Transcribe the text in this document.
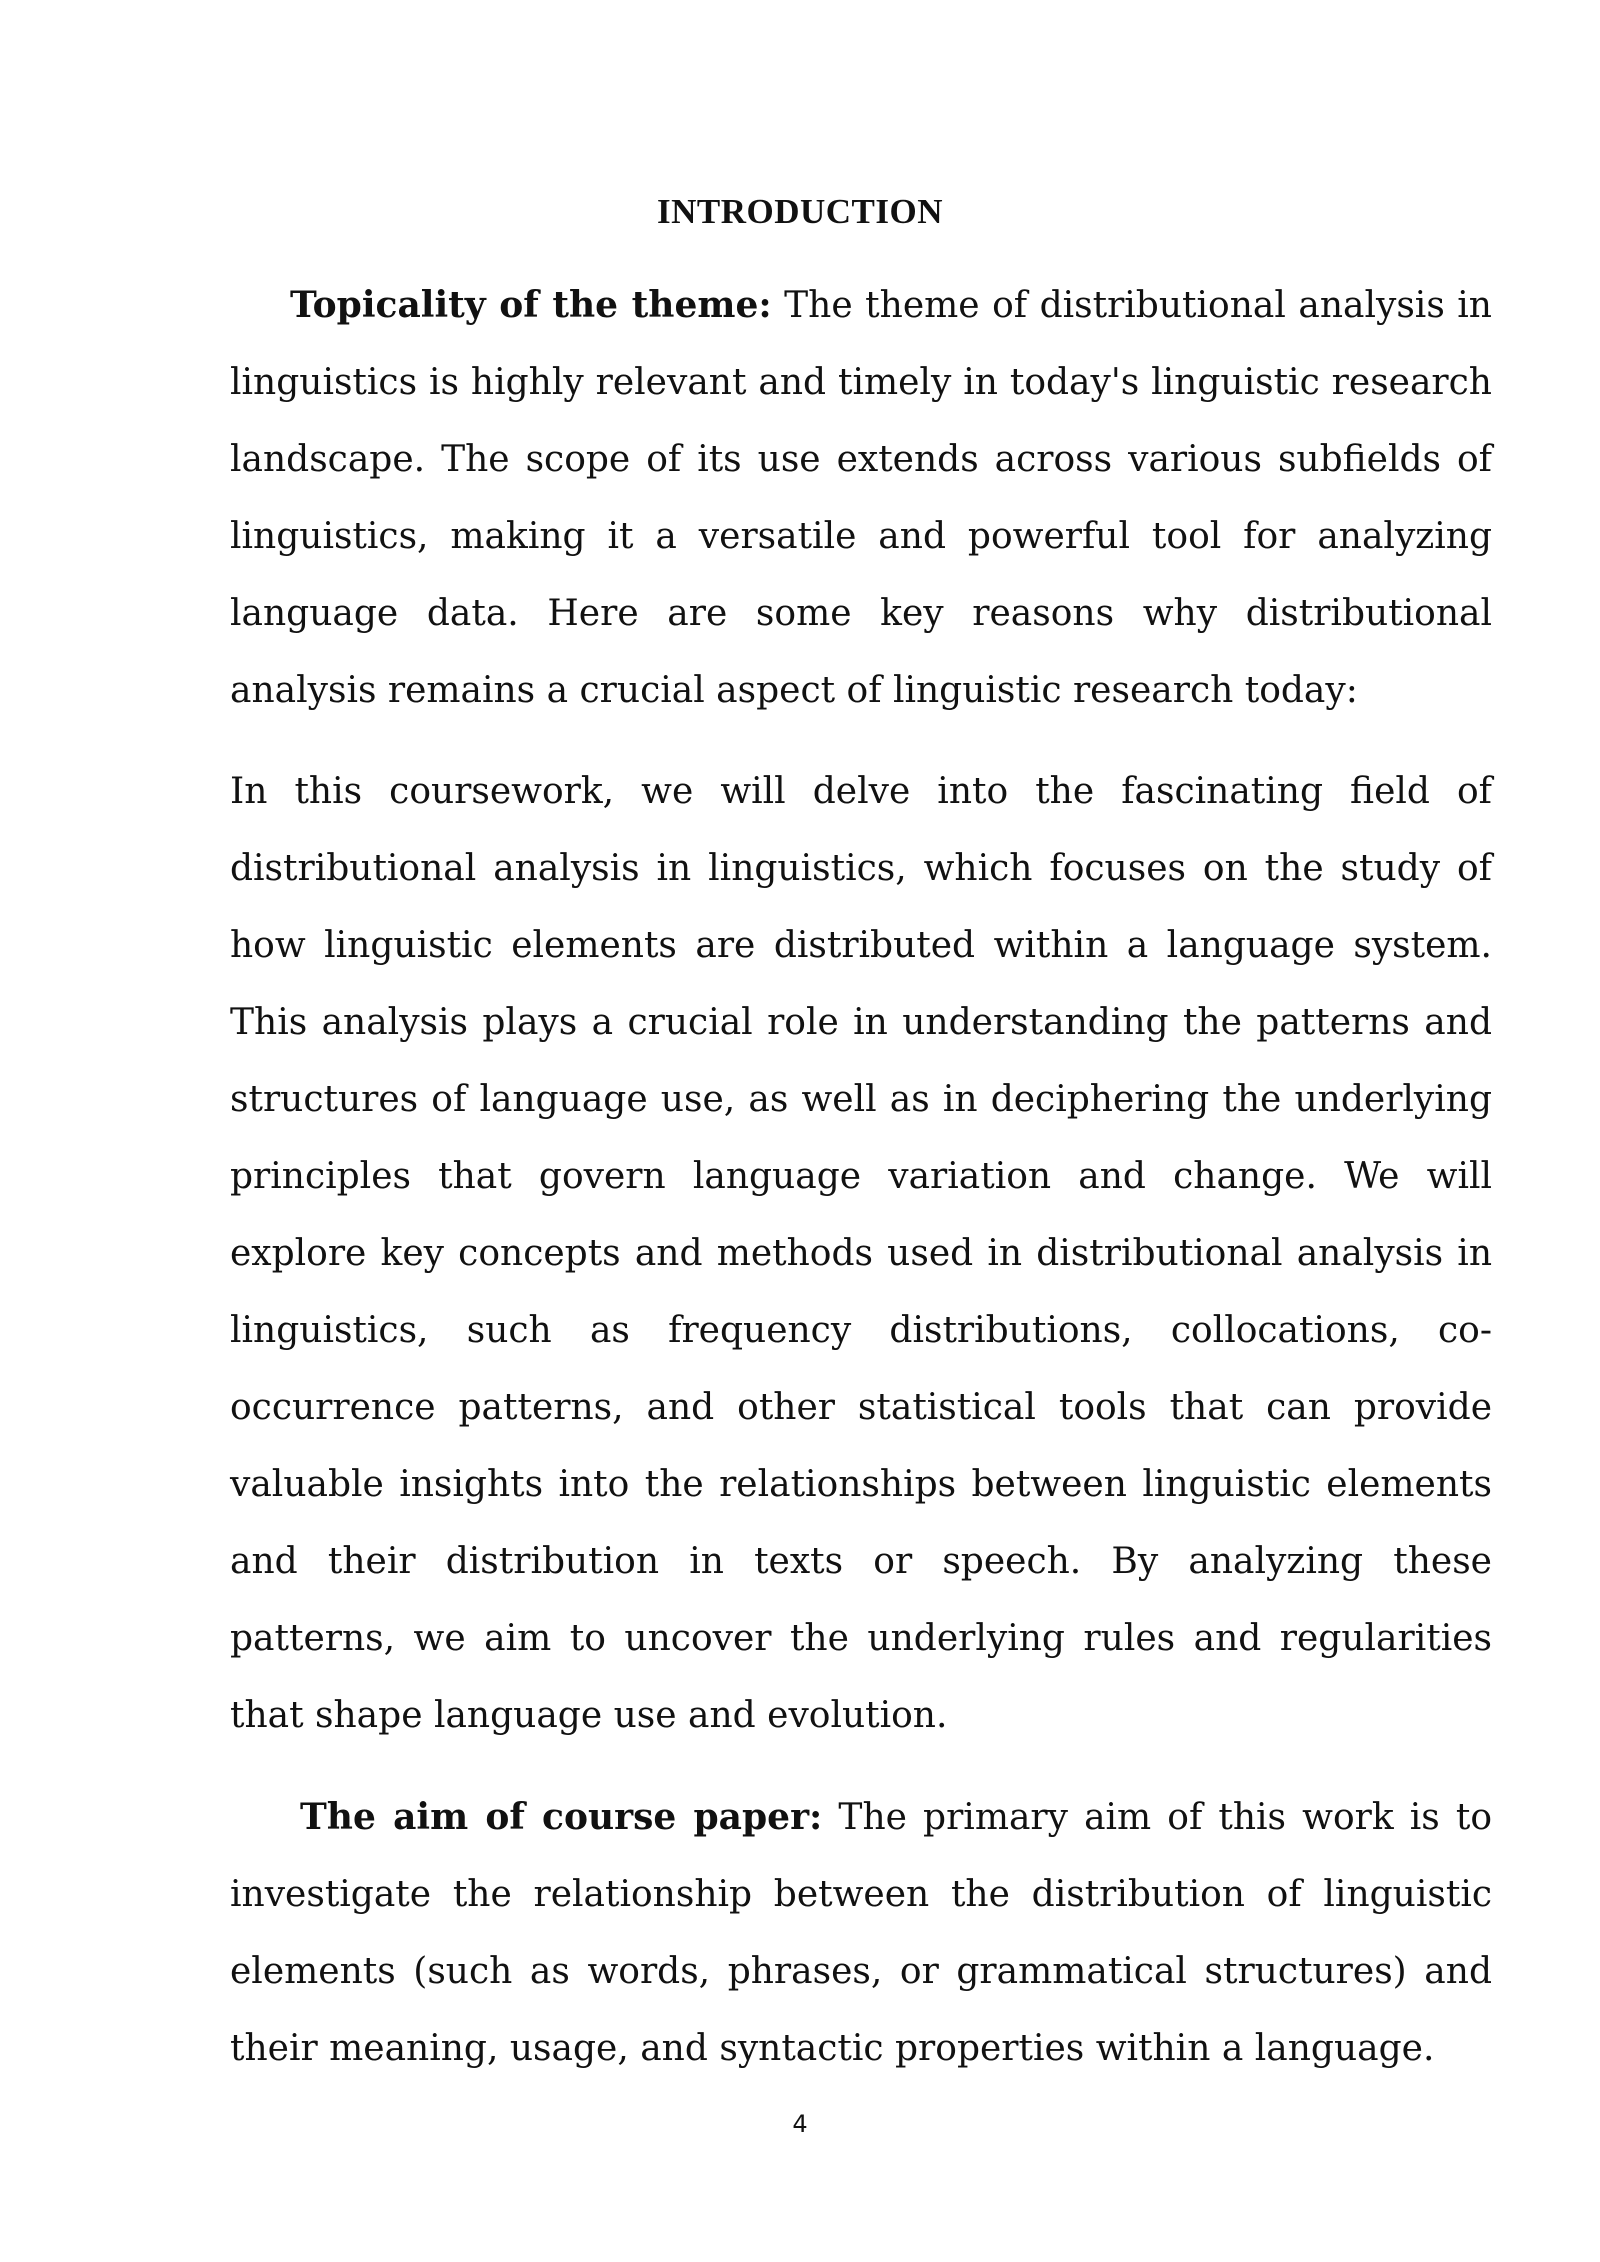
INTRODUCTION

Topicality of the theme: The theme of distributional analysis in linguistics is highly relevant and timely in today's linguistic research landscape. The scope of its use extends across various subfields of linguistics, making it a versatile and powerful tool for analyzing language data. Here are some key reasons why distributional analysis remains a crucial aspect of linguistic research today:

In this coursework, we will delve into the fascinating field of distributional analysis in linguistics, which focuses on the study of how linguistic elements are distributed within a language system. This analysis plays a crucial role in understanding the patterns and structures of language use, as well as in deciphering the underlying principles that govern language variation and change. We will explore key concepts and methods used in distributional analysis in linguistics, such as frequency distributions, collocations, co-occurrence patterns, and other statistical tools that can provide valuable insights into the relationships between linguistic elements and their distribution in texts or speech. By analyzing these patterns, we aim to uncover the underlying rules and regularities that shape language use and evolution.

The aim of course paper: The primary aim of this work is to investigate the relationship between the distribution of linguistic elements (such as words, phrases, or grammatical structures) and their meaning, usage, and syntactic properties within a language.

4
